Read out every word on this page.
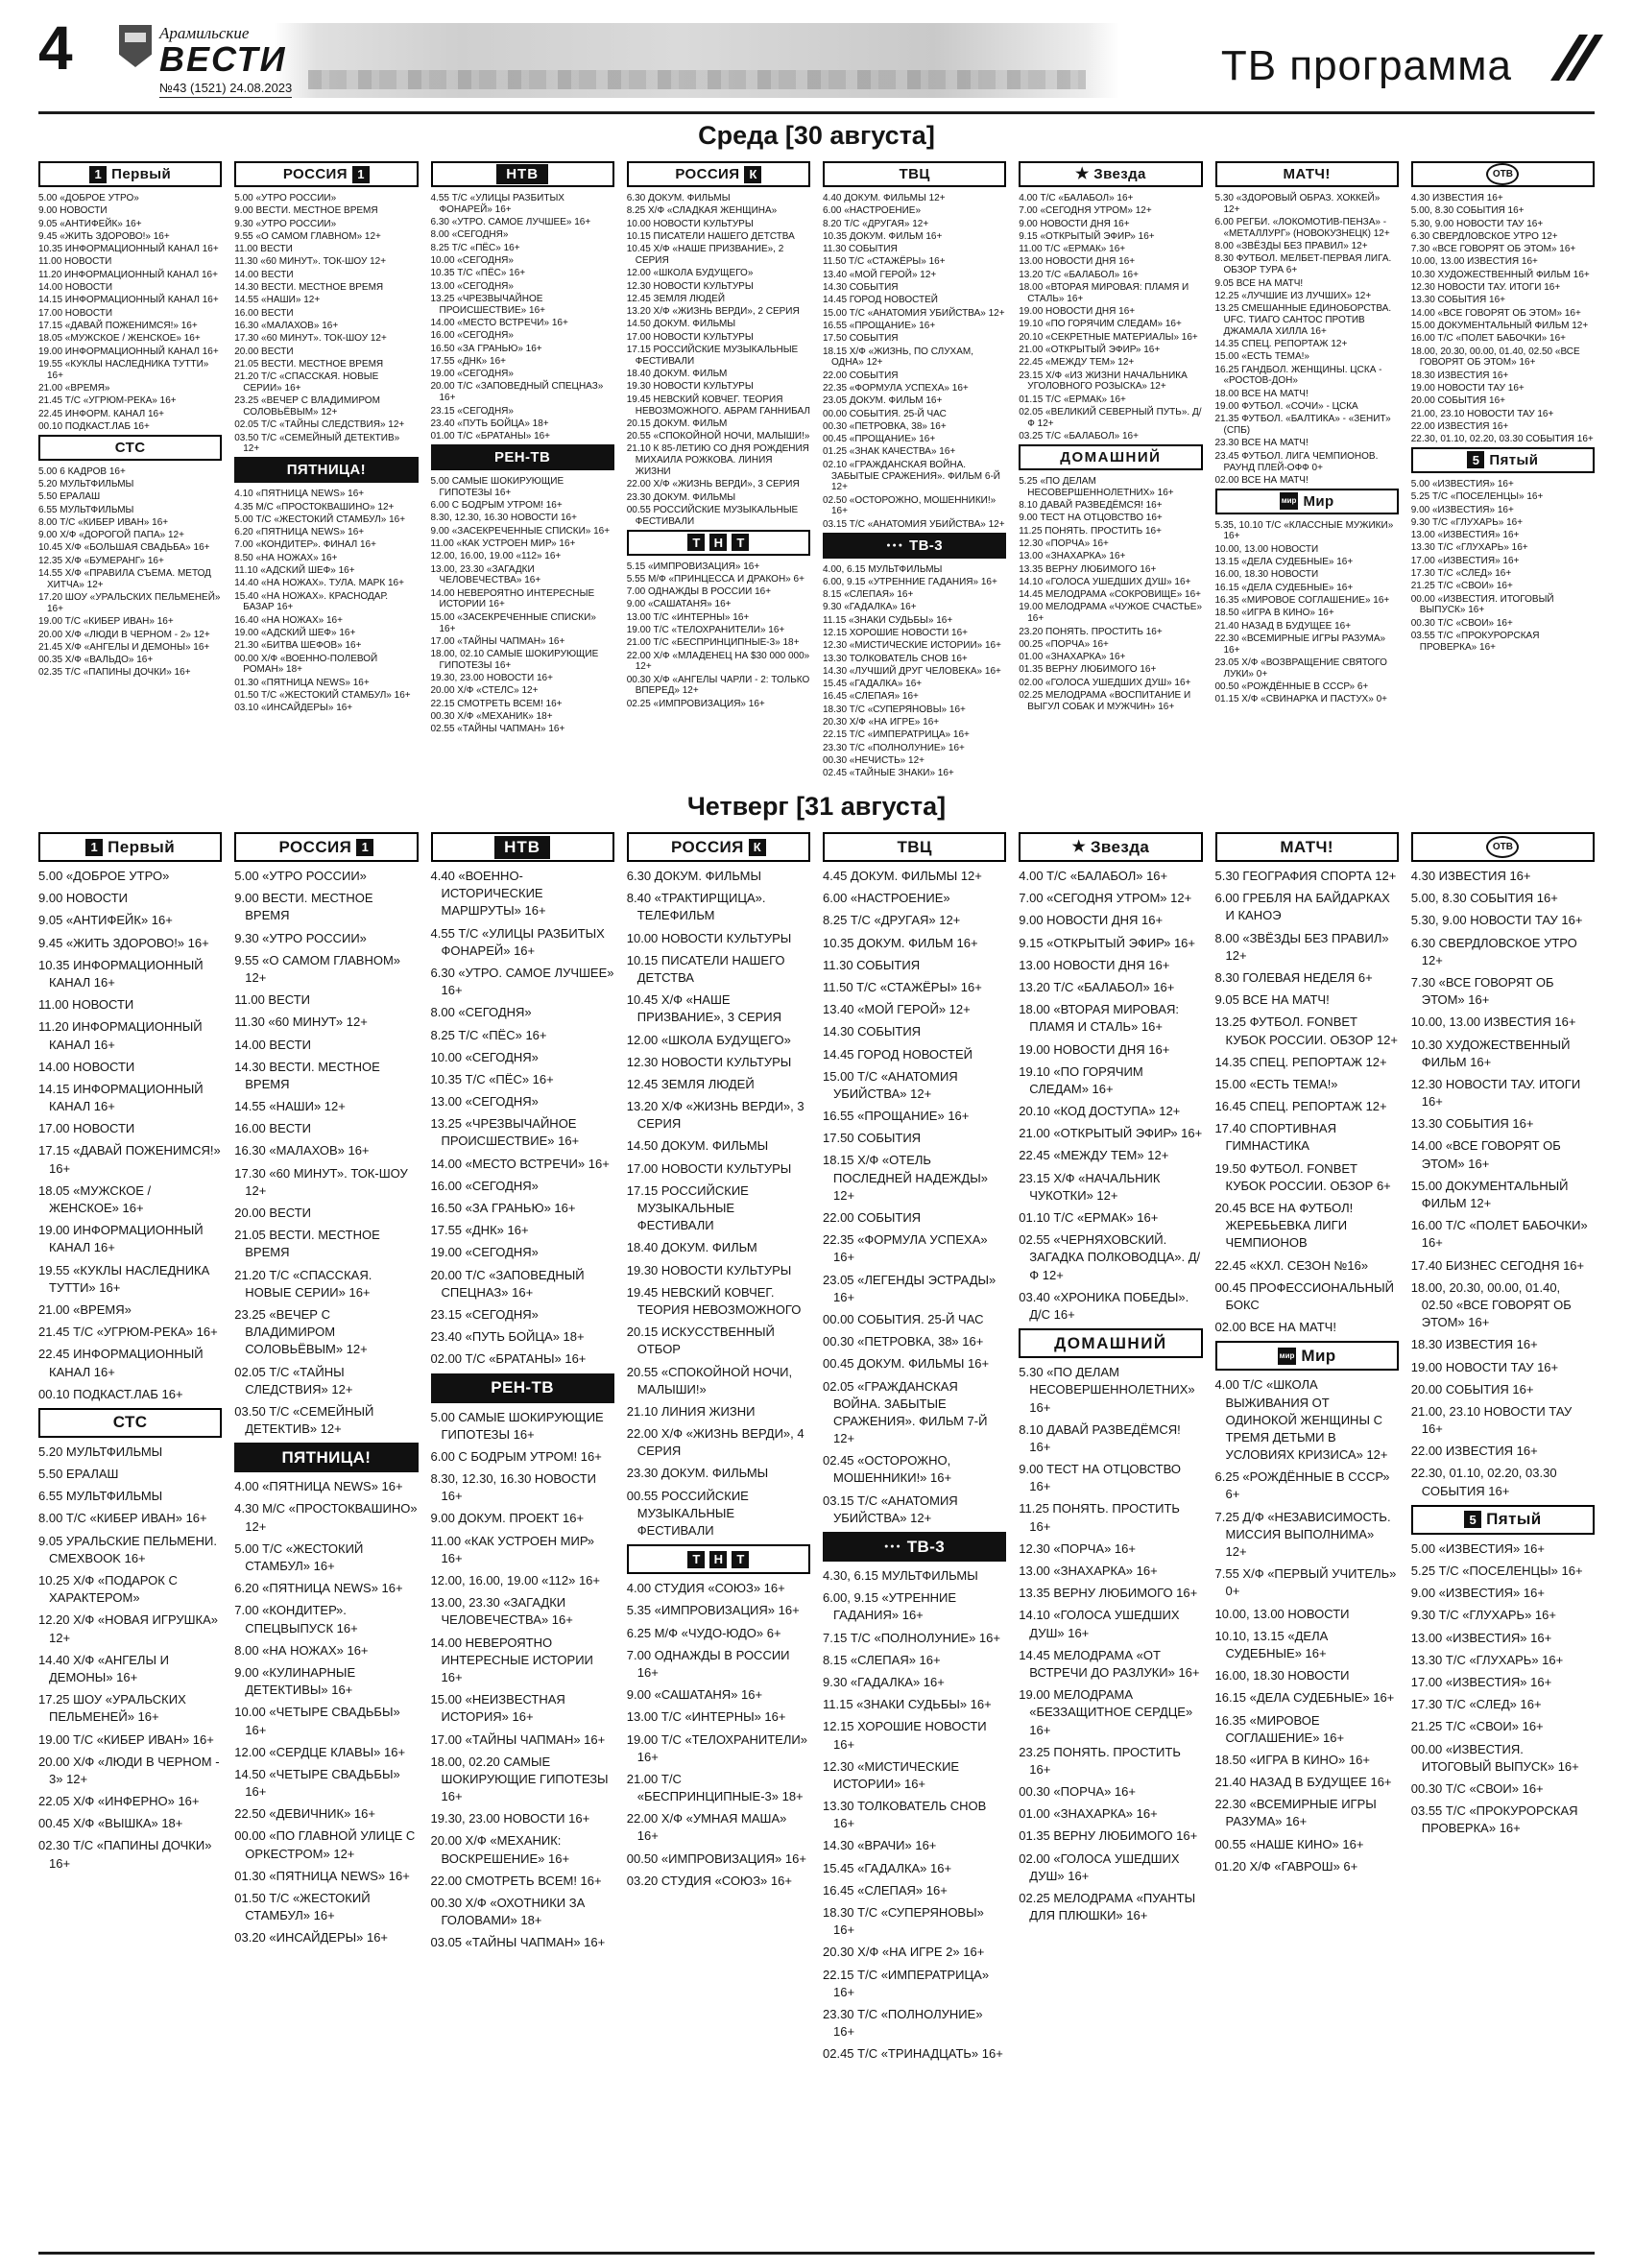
4	Арамильские
ВЕСТИ
№43 (1521) 24.08.2023	ТВ программа
Среда [30 августа]
1 Первый

5.00 «ДОБРОЕ УТРО»

9.00 НОВОСТИ

9.05 «АНТИФЕЙК» 16+

9.45 «ЖИТЬ ЗДОРОВО!» 16+

10.35 ИНФОРМАЦИОННЫЙ КАНАЛ 16+

11.00 НОВОСТИ

11.20 ИНФОРМАЦИОННЫЙ КАНАЛ 16+

14.00 НОВОСТИ

14.15 ИНФОРМАЦИОННЫЙ КАНАЛ 16+

17.00 НОВОСТИ

17.15 «ДАВАЙ ПОЖЕНИМСЯ!» 16+

18.05 «МУЖСКОЕ / ЖЕНСКОЕ» 16+

19.00 ИНФОРМАЦИОННЫЙ КАНАЛ 16+

19.55 «КУКЛЫ НАСЛЕДНИКА ТУТТИ» 16+

21.00 «ВРЕМЯ»

21.45 Т/С «УГРЮМ-РЕКА» 16+

22.45 ИНФОРМ. КАНАЛ 16+

00.10 ПОДКАСТ.ЛАБ 16+

СТС

5.00 6 КАДРОВ 16+

5.20 МУЛЬТФИЛЬМЫ

5.50 ЕРАЛАШ

6.55 МУЛЬТФИЛЬМЫ

8.00 Т/С «КИБЕР ИВАН» 16+

9.00 Х/Ф «ДОРОГОЙ ПАПА» 12+

10.45 Х/Ф «БОЛЬШАЯ СВАДЬБА» 16+

12.35 Х/Ф «БУМЕРАНГ» 16+

14.55 Х/Ф «ПРАВИЛА СЪЕМА. МЕТОД ХИТЧА» 12+

17.20 ШОУ «УРАЛЬСКИХ ПЕЛЬМЕНЕЙ» 16+

19.00 Т/С «КИБЕР ИВАН» 16+

20.00 Х/Ф «ЛЮДИ В ЧЕРНОМ - 2» 12+

21.45 Х/Ф «АНГЕЛЫ И ДЕМОНЫ» 16+

00.35 Х/Ф «ВАЛЬДО» 16+

02.35 Т/С «ПАПИНЫ ДОЧКИ» 16+

РОССИЯ 1

5.00 «УТРО РОССИИ»

9.00 ВЕСТИ. МЕСТНОЕ ВРЕМЯ

9.30 «УТРО РОССИИ»

9.55 «О САМОМ ГЛАВНОМ» 12+

11.00 ВЕСТИ

11.30 «60 МИНУТ». ТОК-ШОУ 12+

14.00 ВЕСТИ

14.30 ВЕСТИ. МЕСТНОЕ ВРЕМЯ

14.55 «НАШИ» 12+

16.00 ВЕСТИ

16.30 «МАЛАХОВ» 16+

17.30 «60 МИНУТ». ТОК-ШОУ 12+

20.00 ВЕСТИ

21.05 ВЕСТИ. МЕСТНОЕ ВРЕМЯ

21.20 Т/С «СПАССКАЯ. НОВЫЕ СЕРИИ» 16+

23.25 «ВЕЧЕР С ВЛАДИМИРОМ СОЛОВЬЁВЫМ» 12+

02.05 Т/С «ТАЙНЫ СЛЕДСТВИЯ» 12+

03.50 Т/С «СЕМЕЙНЫЙ ДЕТЕКТИВ» 12+

ПЯТНИЦА!

4.10 «ПЯТНИЦА NEWS» 16+

4.35 М/С «ПРОСТОКВАШИНО» 12+

5.00 Т/С «ЖЕСТОКИЙ СТАМБУЛ» 16+

6.20 «ПЯТНИЦА NEWS» 16+

7.00 «КОНДИТЕР». ФИНАЛ 16+

8.50 «НА НОЖАХ» 16+

11.10 «АДСКИЙ ШЕФ» 16+

14.40 «НА НОЖАХ». ТУЛА. МАРК 16+

15.40 «НА НОЖАХ». КРАСНОДАР. БАЗАР 16+

16.40 «НА НОЖАХ» 16+

19.00 «АДСКИЙ ШЕФ» 16+

21.30 «БИТВА ШЕФОВ» 16+

00.00 Х/Ф «ВОЕННО-ПОЛЕВОЙ РОМАН» 18+

01.30 «ПЯТНИЦА NEWS» 16+

01.50 Т/С «ЖЕСТОКИЙ СТАМБУЛ» 16+

03.10 «ИНСАЙДЕРЫ» 16+

НТВ

4.55 Т/С «УЛИЦЫ РАЗБИТЫХ ФОНАРЕЙ» 16+

6.30 «УТРО. САМОЕ ЛУЧШЕЕ» 16+

8.00 «СЕГОДНЯ»

8.25 Т/С «ПЁС» 16+

10.00 «СЕГОДНЯ»

10.35 Т/С «ПЁС» 16+

13.00 «СЕГОДНЯ»

13.25 «ЧРЕЗВЫЧАЙНОЕ ПРОИСШЕСТВИЕ» 16+

14.00 «МЕСТО ВСТРЕЧИ» 16+

16.00 «СЕГОДНЯ»

16.50 «ЗА ГРАНЬЮ» 16+

17.55 «ДНК» 16+

19.00 «СЕГОДНЯ»

20.00 Т/С «ЗАПОВЕДНЫЙ СПЕЦНАЗ» 16+

23.15 «СЕГОДНЯ»

23.40 «ПУТЬ БОЙЦА» 18+

01.00 Т/С «БРАТАНЫ» 16+

РЕН-ТВ

5.00 САМЫЕ ШОКИРУЮЩИЕ ГИПОТЕЗЫ 16+

6.00 С БОДРЫМ УТРОМ! 16+

8.30, 12.30, 16.30 НОВОСТИ 16+

9.00 «ЗАСЕКРЕЧЕННЫЕ СПИСКИ» 16+

11.00 «КАК УСТРОЕН МИР» 16+

12.00, 16.00, 19.00 «112» 16+

13.00, 23.30 «ЗАГАДКИ ЧЕЛОВЕЧЕСТВА» 16+

14.00 НЕВЕРОЯТНО ИНТЕРЕСНЫЕ ИСТОРИИ 16+

15.00 «ЗАСЕКРЕЧЕННЫЕ СПИСКИ» 16+

17.00 «ТАЙНЫ ЧАПМАН» 16+

18.00, 02.10 САМЫЕ ШОКИРУЮЩИЕ ГИПОТЕЗЫ 16+

19.30, 23.00 НОВОСТИ 16+

20.00 Х/Ф «СТЕЛС» 12+

22.15 СМОТРЕТЬ ВСЕМ! 16+

00.30 Х/Ф «МЕХАНИК» 18+

02.55 «ТАЙНЫ ЧАПМАН» 16+

РОССИЯ К

6.30 ДОКУМ. ФИЛЬМЫ

8.25 Х/Ф «СЛАДКАЯ ЖЕНЩИНА»

10.00 НОВОСТИ КУЛЬТУРЫ

10.15 ПИСАТЕЛИ НАШЕГО ДЕТСТВА

10.45 Х/Ф «НАШЕ ПРИЗВАНИЕ», 2 СЕРИЯ

12.00 «ШКОЛА БУДУЩЕГО»

12.30 НОВОСТИ КУЛЬТУРЫ

12.45 ЗЕМЛЯ ЛЮДЕЙ

13.20 Х/Ф «ЖИЗНЬ ВЕРДИ», 2 СЕРИЯ

14.50 ДОКУМ. ФИЛЬМЫ

17.00 НОВОСТИ КУЛЬТУРЫ

17.15 РОССИЙСКИЕ МУЗЫКАЛЬНЫЕ ФЕСТИВАЛИ

18.40 ДОКУМ. ФИЛЬМ

19.30 НОВОСТИ КУЛЬТУРЫ

19.45 НЕВСКИЙ КОВЧЕГ. ТЕОРИЯ НЕВОЗМОЖНОГО. АБРАМ ГАННИБАЛ

20.15 ДОКУМ. ФИЛЬМ

20.55 «СПОКОЙНОЙ НОЧИ, МАЛЫШИ!»

21.10 К 85-ЛЕТИЮ СО ДНЯ РОЖДЕНИЯ МИХАИЛА РОЖКОВА. ЛИНИЯ ЖИЗНИ

22.00 Х/Ф «ЖИЗНЬ ВЕРДИ», 3 СЕРИЯ

23.30 ДОКУМ. ФИЛЬМЫ

00.55 РОССИЙСКИЕ МУЗЫКАЛЬНЫЕ ФЕСТИВАЛИ

Т	Н	Т

5.15 «ИМПРОВИЗАЦИЯ» 16+

5.55 М/Ф «ПРИНЦЕССА И ДРАКОН» 6+

7.00 ОДНАЖДЫ В РОССИИ 16+

9.00 «САШАТАНЯ» 16+

13.00 Т/С «ИНТЕРНЫ» 16+

19.00 Т/С «ТЕЛОХРАНИТЕЛИ» 16+

21.00 Т/С «БЕСПРИНЦИПНЫЕ-3» 18+

22.00 Х/Ф «МЛАДЕНЕЦ НА $30 000 000» 12+

00.30 Х/Ф «АНГЕЛЫ ЧАРЛИ - 2: ТОЛЬКО ВПЕРЕД» 12+

02.25 «ИМПРОВИЗАЦИЯ» 16+

ТВЦ

4.40 ДОКУМ. ФИЛЬМЫ 12+

6.00 «НАСТРОЕНИЕ»

8.20 Т/С «ДРУГАЯ» 12+

10.35 ДОКУМ. ФИЛЬМ 16+

11.30 СОБЫТИЯ

11.50 Т/С «СТАЖЁРЫ» 16+

13.40 «МОЙ ГЕРОЙ» 12+

14.30 СОБЫТИЯ

14.45 ГОРОД НОВОСТЕЙ

15.00 Т/С «АНАТОМИЯ УБИЙСТВА» 12+

16.55 «ПРОЩАНИЕ» 16+

17.50 СОБЫТИЯ

18.15 Х/Ф «ЖИЗНЬ, ПО СЛУХАМ, ОДНА» 12+

22.00 СОБЫТИЯ

22.35 «ФОРМУЛА УСПЕХА» 16+

23.05 ДОКУМ. ФИЛЬМ 16+

00.00 СОБЫТИЯ. 25-Й ЧАС

00.30 «ПЕТРОВКА, 38» 16+

00.45 «ПРОЩАНИЕ» 16+

01.25 «ЗНАК КАЧЕСТВА» 16+

02.10 «ГРАЖДАНСКАЯ ВОЙНА. ЗАБЫТЫЕ СРАЖЕНИЯ». ФИЛЬМ 6-Й 12+

02.50 «ОСТОРОЖНО, МОШЕННИКИ!» 16+

03.15 Т/С «АНАТОМИЯ УБИЙСТВА» 12+

●●● ТВ-3

4.00, 6.15 МУЛЬТФИЛЬМЫ

6.00, 9.15 «УТРЕННИЕ ГАДАНИЯ» 16+

8.15 «СЛЕПАЯ» 16+

9.30 «ГАДАЛКА» 16+

11.15 «ЗНАКИ СУДЬБЫ» 16+

12.15 ХОРОШИЕ НОВОСТИ 16+

12.30 «МИСТИЧЕСКИЕ ИСТОРИИ» 16+

13.30 ТОЛКОВАТЕЛЬ СНОВ 16+

14.30 «ЛУЧШИЙ ДРУГ ЧЕЛОВЕКА» 16+

15.45 «ГАДАЛКА» 16+

16.45 «СЛЕПАЯ» 16+

18.30 Т/С «СУПЕРЯНОВЫ» 16+

20.30 Х/Ф «НА ИГРЕ» 16+

22.15 Т/С «ИМПЕРАТРИЦА» 16+

23.30 Т/С «ПОЛНОЛУНИЕ» 16+

00.30 «НЕЧИСТЬ» 12+

02.45 «ТАЙНЫЕ ЗНАКИ» 16+

★ Звезда

4.00 Т/С «БАЛАБОЛ» 16+

7.00 «СЕГОДНЯ УТРОМ» 12+

9.00 НОВОСТИ ДНЯ 16+

9.15 «ОТКРЫТЫЙ ЭФИР» 16+

11.00 Т/С «ЕРМАК» 16+

13.00 НОВОСТИ ДНЯ 16+

13.20 Т/С «БАЛАБОЛ» 16+

18.00 «ВТОРАЯ МИРОВАЯ: ПЛАМЯ И СТАЛЬ» 16+

19.00 НОВОСТИ ДНЯ 16+

19.10 «ПО ГОРЯЧИМ СЛЕДАМ» 16+

20.10 «СЕКРЕТНЫЕ МАТЕРИАЛЫ» 16+

21.00 «ОТКРЫТЫЙ ЭФИР» 16+

22.45 «МЕЖДУ ТЕМ» 12+

23.15 Х/Ф «ИЗ ЖИЗНИ НАЧАЛЬНИКА УГОЛОВНОГО РОЗЫСКА» 12+

01.15 Т/С «ЕРМАК» 16+

02.05 «ВЕЛИКИЙ СЕВЕРНЫЙ ПУТЬ». Д/Ф 12+

03.25 Т/С «БАЛАБОЛ» 16+

ДОМАШНИЙ

5.25 «ПО ДЕЛАМ НЕСОВЕРШЕННОЛЕТНИХ» 16+

8.10 ДАВАЙ РАЗВЕДЁМСЯ! 16+

9.00 ТЕСТ НА ОТЦОВСТВО 16+

11.25 ПОНЯТЬ. ПРОСТИТЬ 16+

12.30 «ПОРЧА» 16+

13.00 «ЗНАХАРКА» 16+

13.35 ВЕРНУ ЛЮБИМОГО 16+

14.10 «ГОЛОСА УШЕДШИХ ДУШ» 16+

14.45 МЕЛОДРАМА «СОКРОВИЩЕ» 16+

19.00 МЕЛОДРАМА «ЧУЖОЕ СЧАСТЬЕ» 16+

23.20 ПОНЯТЬ. ПРОСТИТЬ 16+

00.25 «ПОРЧА» 16+

01.00 «ЗНАХАРКА» 16+

01.35 ВЕРНУ ЛЮБИМОГО 16+

02.00 «ГОЛОСА УШЕДШИХ ДУШ» 16+

02.25 МЕЛОДРАМА «ВОСПИТАНИЕ И ВЫГУЛ СОБАК И МУЖЧИН» 16+

МАТЧ!

5.30 «ЗДОРОВЫЙ ОБРАЗ. ХОККЕЙ» 12+

6.00 РЕГБИ. «ЛОКОМОТИВ-ПЕНЗА» - «МЕТАЛЛУРГ» (НОВОКУЗНЕЦК) 12+

8.00 «ЗВЁЗДЫ БЕЗ ПРАВИЛ» 12+

8.30 ФУТБОЛ. МЕЛБЕТ-ПЕРВАЯ ЛИГА. ОБЗОР ТУРА 6+

9.05 ВСЕ НА МАТЧ!

12.25 «ЛУЧШИЕ ИЗ ЛУЧШИХ» 12+

13.25 СМЕШАННЫЕ ЕДИНОБОРСТВА. UFC. ТИАГО САНТОС ПРОТИВ ДЖАМАЛА ХИЛЛА 16+

14.35 СПЕЦ. РЕПОРТАЖ 12+

15.00 «ЕСТЬ ТЕМА!»

16.25 ГАНДБОЛ. ЖЕНЩИНЫ. ЦСКА - «РОСТОВ-ДОН»

18.00 ВСЕ НА МАТЧ!

19.00 ФУТБОЛ. «СОЧИ» - ЦСКА

21.35 ФУТБОЛ. «БАЛТИКА» - «ЗЕНИТ» (СПБ)

23.30 ВСЕ НА МАТЧ!

23.45 ФУТБОЛ. ЛИГА ЧЕМПИОНОВ. РАУНД ПЛЕЙ-ОФФ 0+

02.00 ВСЕ НА МАТЧ!

мир Мир

5.35, 10.10 Т/С «КЛАССНЫЕ МУЖИКИ» 16+

10.00, 13.00 НОВОСТИ

13.15 «ДЕЛА СУДЕБНЫЕ» 16+

16.00, 18.30 НОВОСТИ

16.15 «ДЕЛА СУДЕБНЫЕ» 16+

16.35 «МИРОВОЕ СОГЛАШЕНИЕ» 16+

18.50 «ИГРА В КИНО» 16+

21.40 НАЗАД В БУДУЩЕЕ 16+

22.30 «ВСЕМИРНЫЕ ИГРЫ РАЗУМА» 16+

23.05 Х/Ф «ВОЗВРАЩЕНИЕ СВЯТОГО ЛУКИ» 0+

00.50 «РОЖДЁННЫЕ В СССР» 6+

01.15 Х/Ф «СВИНАРКА И ПАСТУХ» 0+

ОТВ

4.30 ИЗВЕСТИЯ 16+

5.00, 8.30 СОБЫТИЯ 16+

5.30, 9.00 НОВОСТИ ТАУ 16+

6.30 СВЕРДЛОВСКОЕ УТРО 12+

7.30 «ВСЕ ГОВОРЯТ ОБ ЭТОМ» 16+

10.00, 13.00 ИЗВЕСТИЯ 16+

10.30 ХУДОЖЕСТВЕННЫЙ ФИЛЬМ 16+

12.30 НОВОСТИ ТАУ. ИТОГИ 16+

13.30 СОБЫТИЯ 16+

14.00 «ВСЕ ГОВОРЯТ ОБ ЭТОМ» 16+

15.00 ДОКУМЕНТАЛЬНЫЙ ФИЛЬМ 12+

16.00 Т/С «ПОЛЕТ БАБОЧКИ» 16+

18.00, 20.30, 00.00, 01.40, 02.50 «ВСЕ ГОВОРЯТ ОБ ЭТОМ» 16+

18.30 ИЗВЕСТИЯ 16+

19.00 НОВОСТИ ТАУ 16+

20.00 СОБЫТИЯ 16+

21.00, 23.10 НОВОСТИ ТАУ 16+

22.00 ИЗВЕСТИЯ 16+

22.30, 01.10, 02.20, 03.30 СОБЫТИЯ 16+

5 Пятый

5.00 «ИЗВЕСТИЯ» 16+

5.25 Т/С «ПОСЕЛЕНЦЫ» 16+

9.00 «ИЗВЕСТИЯ» 16+

9.30 Т/С «ГЛУХАРЬ» 16+

13.00 «ИЗВЕСТИЯ» 16+

13.30 Т/С «ГЛУХАРЬ» 16+

17.00 «ИЗВЕСТИЯ» 16+

17.30 Т/С «СЛЕД» 16+

21.25 Т/С «СВОИ» 16+

00.00 «ИЗВЕСТИЯ. ИТОГОВЫЙ ВЫПУСК» 16+

00.30 Т/С «СВОИ» 16+

03.55 Т/С «ПРОКУРОРСКАЯ ПРОВЕРКА» 16+

Четверг [31 августа]
1 Первый

5.00 «ДОБРОЕ УТРО»

9.00 НОВОСТИ

9.05 «АНТИФЕЙК» 16+

9.45 «ЖИТЬ ЗДОРОВО!» 16+

10.35 ИНФОРМАЦИОННЫЙ КАНАЛ 16+

11.00 НОВОСТИ

11.20 ИНФОРМАЦИОННЫЙ КАНАЛ 16+

14.00 НОВОСТИ

14.15 ИНФОРМАЦИОННЫЙ КАНАЛ 16+

17.00 НОВОСТИ

17.15 «ДАВАЙ ПОЖЕНИМСЯ!» 16+

18.05 «МУЖСКОЕ / ЖЕНСКОЕ» 16+

19.00 ИНФОРМАЦИОННЫЙ КАНАЛ 16+

19.55 «КУКЛЫ НАСЛЕДНИКА ТУТТИ» 16+

21.00 «ВРЕМЯ»

21.45 Т/С «УГРЮМ-РЕКА» 16+

22.45 ИНФОРМАЦИОННЫЙ КАНАЛ 16+

00.10 ПОДКАСТ.ЛАБ 16+

СТС

5.20 МУЛЬТФИЛЬМЫ

5.50 ЕРАЛАШ

6.55 МУЛЬТФИЛЬМЫ

8.00 Т/С «КИБЕР ИВАН» 16+

9.05 УРАЛЬСКИЕ ПЕЛЬМЕНИ. СМЕХBOOK 16+

10.25 Х/Ф «ПОДАРОК С ХАРАКТЕРОМ»

12.20 Х/Ф «НОВАЯ ИГРУШКА» 12+

14.40 Х/Ф «АНГЕЛЫ И ДЕМОНЫ» 16+

17.25 ШОУ «УРАЛЬСКИХ ПЕЛЬМЕНЕЙ» 16+

19.00 Т/С «КИБЕР ИВАН» 16+

20.00 Х/Ф «ЛЮДИ В ЧЕРНОМ - 3» 12+

22.05 Х/Ф «ИНФЕРНО» 16+

00.45 Х/Ф «ВЫШКА» 18+

02.30 Т/С «ПАПИНЫ ДОЧКИ» 16+

РОССИЯ 1

5.00 «УТРО РОССИИ»

9.00 ВЕСТИ. МЕСТНОЕ ВРЕМЯ

9.30 «УТРО РОССИИ»

9.55 «О САМОМ ГЛАВНОМ» 12+

11.00 ВЕСТИ

11.30 «60 МИНУТ» 12+

14.00 ВЕСТИ

14.30 ВЕСТИ. МЕСТНОЕ ВРЕМЯ

14.55 «НАШИ» 12+

16.00 ВЕСТИ

16.30 «МАЛАХОВ» 16+

17.30 «60 МИНУТ». ТОК-ШОУ 12+

20.00 ВЕСТИ

21.05 ВЕСТИ. МЕСТНОЕ ВРЕМЯ

21.20 Т/С «СПАССКАЯ. НОВЫЕ СЕРИИ» 16+

23.25 «ВЕЧЕР С ВЛАДИМИРОМ СОЛОВЬЁВЫМ» 12+

02.05 Т/С «ТАЙНЫ СЛЕДСТВИЯ» 12+

03.50 Т/С «СЕМЕЙНЫЙ ДЕТЕКТИВ» 12+

ПЯТНИЦА!

4.00 «ПЯТНИЦА NEWS» 16+

4.30 М/С «ПРОСТОКВАШИНО» 12+

5.00 Т/С «ЖЕСТОКИЙ СТАМБУЛ» 16+

6.20 «ПЯТНИЦА NEWS» 16+

7.00 «КОНДИТЕР». СПЕЦВЫПУСК 16+

8.00 «НА НОЖАХ» 16+

9.00 «КУЛИНАРНЫЕ ДЕТЕКТИВЫ» 16+

10.00 «ЧЕТЫРЕ СВАДЬБЫ» 16+

12.00 «СЕРДЦЕ КЛАВЫ» 16+

14.50 «ЧЕТЫРЕ СВАДЬБЫ» 16+

22.50 «ДЕВИЧНИК» 16+

00.00 «ПО ГЛАВНОЙ УЛИЦЕ С ОРКЕСТРОМ» 12+

01.30 «ПЯТНИЦА NEWS» 16+

01.50 Т/С «ЖЕСТОКИЙ СТАМБУЛ» 16+

03.20 «ИНСАЙДЕРЫ» 16+

НТВ

4.40 «ВОЕННО-ИСТОРИЧЕСКИЕ МАРШРУТЫ» 16+

4.55 Т/С «УЛИЦЫ РАЗБИТЫХ ФОНАРЕЙ» 16+

6.30 «УТРО. САМОЕ ЛУЧШЕЕ» 16+

8.00 «СЕГОДНЯ»

8.25 Т/С «ПЁС» 16+

10.00 «СЕГОДНЯ»

10.35 Т/С «ПЁС» 16+

13.00 «СЕГОДНЯ»

13.25 «ЧРЕЗВЫЧАЙНОЕ ПРОИСШЕСТВИЕ» 16+

14.00 «МЕСТО ВСТРЕЧИ» 16+

16.00 «СЕГОДНЯ»

16.50 «ЗА ГРАНЬЮ» 16+

17.55 «ДНК» 16+

19.00 «СЕГОДНЯ»

20.00 Т/С «ЗАПОВЕДНЫЙ СПЕЦНАЗ» 16+

23.15 «СЕГОДНЯ»

23.40 «ПУТЬ БОЙЦА» 18+

02.00 Т/С «БРАТАНЫ» 16+

РЕН-ТВ

5.00 САМЫЕ ШОКИРУЮЩИЕ ГИПОТЕЗЫ 16+

6.00 С БОДРЫМ УТРОМ! 16+

8.30, 12.30, 16.30 НОВОСТИ 16+

9.00 ДОКУМ. ПРОЕКТ 16+

11.00 «КАК УСТРОЕН МИР» 16+

12.00, 16.00, 19.00 «112» 16+

13.00, 23.30 «ЗАГАДКИ ЧЕЛОВЕЧЕСТВА» 16+

14.00 НЕВЕРОЯТНО ИНТЕРЕСНЫЕ ИСТОРИИ 16+

15.00 «НЕИЗВЕСТНАЯ ИСТОРИЯ» 16+

17.00 «ТАЙНЫ ЧАПМАН» 16+

18.00, 02.20 САМЫЕ ШОКИРУЮЩИЕ ГИПОТЕЗЫ 16+

19.30, 23.00 НОВОСТИ 16+

20.00 Х/Ф «МЕХАНИК: ВОСКРЕШЕНИЕ» 16+

22.00 СМОТРЕТЬ ВСЕМ! 16+

00.30 Х/Ф «ОХОТНИКИ ЗА ГОЛОВАМИ» 18+

03.05 «ТАЙНЫ ЧАПМАН» 16+

РОССИЯ К

6.30 ДОКУМ. ФИЛЬМЫ

8.40 «ТРАКТИРЩИЦА». ТЕЛЕФИЛЬМ

10.00 НОВОСТИ КУЛЬТУРЫ

10.15 ПИСАТЕЛИ НАШЕГО ДЕТСТВА

10.45 Х/Ф «НАШЕ ПРИЗВАНИЕ», 3 СЕРИЯ

12.00 «ШКОЛА БУДУЩЕГО»

12.30 НОВОСТИ КУЛЬТУРЫ

12.45 ЗЕМЛЯ ЛЮДЕЙ

13.20 Х/Ф «ЖИЗНЬ ВЕРДИ», 3 СЕРИЯ

14.50 ДОКУМ. ФИЛЬМЫ

17.00 НОВОСТИ КУЛЬТУРЫ

17.15 РОССИЙСКИЕ МУЗЫКАЛЬНЫЕ ФЕСТИВАЛИ

18.40 ДОКУМ. ФИЛЬМ

19.30 НОВОСТИ КУЛЬТУРЫ

19.45 НЕВСКИЙ КОВЧЕГ. ТЕОРИЯ НЕВОЗМОЖНОГО

20.15 ИСКУССТВЕННЫЙ ОТБОР

20.55 «СПОКОЙНОЙ НОЧИ, МАЛЫШИ!»

21.10 ЛИНИЯ ЖИЗНИ

22.00 Х/Ф «ЖИЗНЬ ВЕРДИ», 4 СЕРИЯ

23.30 ДОКУМ. ФИЛЬМЫ

00.55 РОССИЙСКИЕ МУЗЫКАЛЬНЫЕ ФЕСТИВАЛИ

Т	Н	Т

4.00 СТУДИЯ «СОЮЗ» 16+

5.35 «ИМПРОВИЗАЦИЯ» 16+

6.25 М/Ф «ЧУДО-ЮДО» 6+

7.00 ОДНАЖДЫ В РОССИИ 16+

9.00 «САШАТАНЯ» 16+

13.00 Т/С «ИНТЕРНЫ» 16+

19.00 Т/С «ТЕЛОХРАНИТЕЛИ» 16+

21.00 Т/С «БЕСПРИНЦИПНЫЕ-3» 18+

22.00 Х/Ф «УМНАЯ МАША» 16+

00.50 «ИМПРОВИЗАЦИЯ» 16+

03.20 СТУДИЯ «СОЮЗ» 16+

ТВЦ

4.45 ДОКУМ. ФИЛЬМЫ 12+

6.00 «НАСТРОЕНИЕ»

8.25 Т/С «ДРУГАЯ» 12+

10.35 ДОКУМ. ФИЛЬМ 16+

11.30 СОБЫТИЯ

11.50 Т/С «СТАЖЁРЫ» 16+

13.40 «МОЙ ГЕРОЙ» 12+

14.30 СОБЫТИЯ

14.45 ГОРОД НОВОСТЕЙ

15.00 Т/С «АНАТОМИЯ УБИЙСТВА» 12+

16.55 «ПРОЩАНИЕ» 16+

17.50 СОБЫТИЯ

18.15 Х/Ф «ОТЕЛЬ ПОСЛЕДНЕЙ НАДЕЖДЫ» 12+

22.00 СОБЫТИЯ

22.35 «ФОРМУЛА УСПЕХА» 16+

23.05 «ЛЕГЕНДЫ ЭСТРАДЫ» 16+

00.00 СОБЫТИЯ. 25-Й ЧАС

00.30 «ПЕТРОВКА, 38» 16+

00.45 ДОКУМ. ФИЛЬМЫ 16+

02.05 «ГРАЖДАНСКАЯ ВОЙНА. ЗАБЫТЫЕ СРАЖЕНИЯ». ФИЛЬМ 7-Й 12+

02.45 «ОСТОРОЖНО, МОШЕННИКИ!» 16+

03.15 Т/С «АНАТОМИЯ УБИЙСТВА» 12+

●●● ТВ-3

4.30, 6.15 МУЛЬТФИЛЬМЫ

6.00, 9.15 «УТРЕННИЕ ГАДАНИЯ» 16+

7.15 Т/С «ПОЛНОЛУНИЕ» 16+

8.15 «СЛЕПАЯ» 16+

9.30 «ГАДАЛКА» 16+

11.15 «ЗНАКИ СУДЬБЫ» 16+

12.15 ХОРОШИЕ НОВОСТИ 16+

12.30 «МИСТИЧЕСКИЕ ИСТОРИИ» 16+

13.30 ТОЛКОВАТЕЛЬ СНОВ 16+

14.30 «ВРАЧИ» 16+

15.45 «ГАДАЛКА» 16+

16.45 «СЛЕПАЯ» 16+

18.30 Т/С «СУПЕРЯНОВЫ» 16+

20.30 Х/Ф «НА ИГРЕ 2» 16+

22.15 Т/С «ИМПЕРАТРИЦА» 16+

23.30 Т/С «ПОЛНОЛУНИЕ» 16+

02.45 Т/С «ТРИНАДЦАТЬ» 16+

★ Звезда

4.00 Т/С «БАЛАБОЛ» 16+

7.00 «СЕГОДНЯ УТРОМ» 12+

9.00 НОВОСТИ ДНЯ 16+

9.15 «ОТКРЫТЫЙ ЭФИР» 16+

13.00 НОВОСТИ ДНЯ 16+

13.20 Т/С «БАЛАБОЛ» 16+

18.00 «ВТОРАЯ МИРОВАЯ: ПЛАМЯ И СТАЛЬ» 16+

19.00 НОВОСТИ ДНЯ 16+

19.10 «ПО ГОРЯЧИМ СЛЕДАМ» 16+

20.10 «КОД ДОСТУПА» 12+

21.00 «ОТКРЫТЫЙ ЭФИР» 16+

22.45 «МЕЖДУ ТЕМ» 12+

23.15 Х/Ф «НАЧАЛЬНИК ЧУКОТКИ» 12+

01.10 Т/С «ЕРМАК» 16+

02.55 «ЧЕРНЯХОВСКИЙ. ЗАГАДКА ПОЛКОВОДЦА». Д/Ф 12+

03.40 «ХРОНИКА ПОБЕДЫ». Д/С 16+

ДОМАШНИЙ

5.30 «ПО ДЕЛАМ НЕСОВЕРШЕННОЛЕТНИХ» 16+

8.10 ДАВАЙ РАЗВЕДЁМСЯ! 16+

9.00 ТЕСТ НА ОТЦОВСТВО 16+

11.25 ПОНЯТЬ. ПРОСТИТЬ 16+

12.30 «ПОРЧА» 16+

13.00 «ЗНАХАРКА» 16+

13.35 ВЕРНУ ЛЮБИМОГО 16+

14.10 «ГОЛОСА УШЕДШИХ ДУШ» 16+

14.45 МЕЛОДРАМА «ОТ ВСТРЕЧИ ДО РАЗЛУКИ» 16+

19.00 МЕЛОДРАМА «БЕЗЗАЩИТНОЕ СЕРДЦЕ» 16+

23.25 ПОНЯТЬ. ПРОСТИТЬ 16+

00.30 «ПОРЧА» 16+

01.00 «ЗНАХАРКА» 16+

01.35 ВЕРНУ ЛЮБИМОГО 16+

02.00 «ГОЛОСА УШЕДШИХ ДУШ» 16+

02.25 МЕЛОДРАМА «ПУАНТЫ ДЛЯ ПЛЮШКИ» 16+

МАТЧ!

5.30 ГЕОГРАФИЯ СПОРТА 12+

6.00 ГРЕБЛЯ НА БАЙДАРКАХ И КАНОЭ

8.00 «ЗВЁЗДЫ БЕЗ ПРАВИЛ» 12+

8.30 ГОЛЕВАЯ НЕДЕЛЯ 6+

9.05 ВСЕ НА МАТЧ!

13.25 ФУТБОЛ. FONBET КУБОК РОССИИ. ОБЗОР 12+

14.35 СПЕЦ. РЕПОРТАЖ 12+

15.00 «ЕСТЬ ТЕМА!»

16.45 СПЕЦ. РЕПОРТАЖ 12+

17.40 СПОРТИВНАЯ ГИМНАСТИКА

19.50 ФУТБОЛ. FONBET КУБОК РОССИИ. ОБЗОР 6+

20.45 ВСЕ НА ФУТБОЛ! ЖЕРЕБЬЕВКА ЛИГИ ЧЕМПИОНОВ

22.45 «КХЛ. СЕЗОН №16»

00.45 ПРОФЕССИОНАЛЬНЫЙ БОКС

02.00 ВСЕ НА МАТЧ!

мир Мир

4.00 Т/С «ШКОЛА ВЫЖИВАНИЯ ОТ ОДИНОКОЙ ЖЕНЩИНЫ С ТРЕМЯ ДЕТЬМИ В УСЛОВИЯХ КРИЗИСА» 12+

6.25 «РОЖДЁННЫЕ В СССР» 6+

7.25 Д/Ф «НЕЗАВИСИМОСТЬ. МИССИЯ ВЫПОЛНИМА» 12+

7.55 Х/Ф «ПЕРВЫЙ УЧИТЕЛЬ» 0+

10.00, 13.00 НОВОСТИ

10.10, 13.15 «ДЕЛА СУДЕБНЫЕ» 16+

16.00, 18.30 НОВОСТИ

16.15 «ДЕЛА СУДЕБНЫЕ» 16+

16.35 «МИРОВОЕ СОГЛАШЕНИЕ» 16+

18.50 «ИГРА В КИНО» 16+

21.40 НАЗАД В БУДУЩЕЕ 16+

22.30 «ВСЕМИРНЫЕ ИГРЫ РАЗУМА» 16+

00.55 «НАШЕ КИНО» 16+

01.20 Х/Ф «ГАВРОШ» 6+

ОТВ

4.30 ИЗВЕСТИЯ 16+

5.00, 8.30 СОБЫТИЯ 16+

5.30, 9.00 НОВОСТИ ТАУ 16+

6.30 СВЕРДЛОВСКОЕ УТРО 12+

7.30 «ВСЕ ГОВОРЯТ ОБ ЭТОМ» 16+

10.00, 13.00 ИЗВЕСТИЯ 16+

10.30 ХУДОЖЕСТВЕННЫЙ ФИЛЬМ 16+

12.30 НОВОСТИ ТАУ. ИТОГИ 16+

13.30 СОБЫТИЯ 16+

14.00 «ВСЕ ГОВОРЯТ ОБ ЭТОМ» 16+

15.00 ДОКУМЕНТАЛЬНЫЙ ФИЛЬМ 12+

16.00 Т/С «ПОЛЕТ БАБОЧКИ» 16+

17.40 БИЗНЕС СЕГОДНЯ 16+

18.00, 20.30, 00.00, 01.40, 02.50 «ВСЕ ГОВОРЯТ ОБ ЭТОМ» 16+

18.30 ИЗВЕСТИЯ 16+

19.00 НОВОСТИ ТАУ 16+

20.00 СОБЫТИЯ 16+

21.00, 23.10 НОВОСТИ ТАУ 16+

22.00 ИЗВЕСТИЯ 16+

22.30, 01.10, 02.20, 03.30 СОБЫТИЯ 16+

5 Пятый

5.00 «ИЗВЕСТИЯ» 16+

5.25 Т/С «ПОСЕЛЕНЦЫ» 16+

9.00 «ИЗВЕСТИЯ» 16+

9.30 Т/С «ГЛУХАРЬ» 16+

13.00 «ИЗВЕСТИЯ» 16+

13.30 Т/С «ГЛУХАРЬ» 16+

17.00 «ИЗВЕСТИЯ» 16+

17.30 Т/С «СЛЕД» 16+

21.25 Т/С «СВОИ» 16+

00.00 «ИЗВЕСТИЯ. ИТОГОВЫЙ ВЫПУСК» 16+

00.30 Т/С «СВОИ» 16+

03.55 Т/С «ПРОКУРОРСКАЯ ПРОВЕРКА» 16+
